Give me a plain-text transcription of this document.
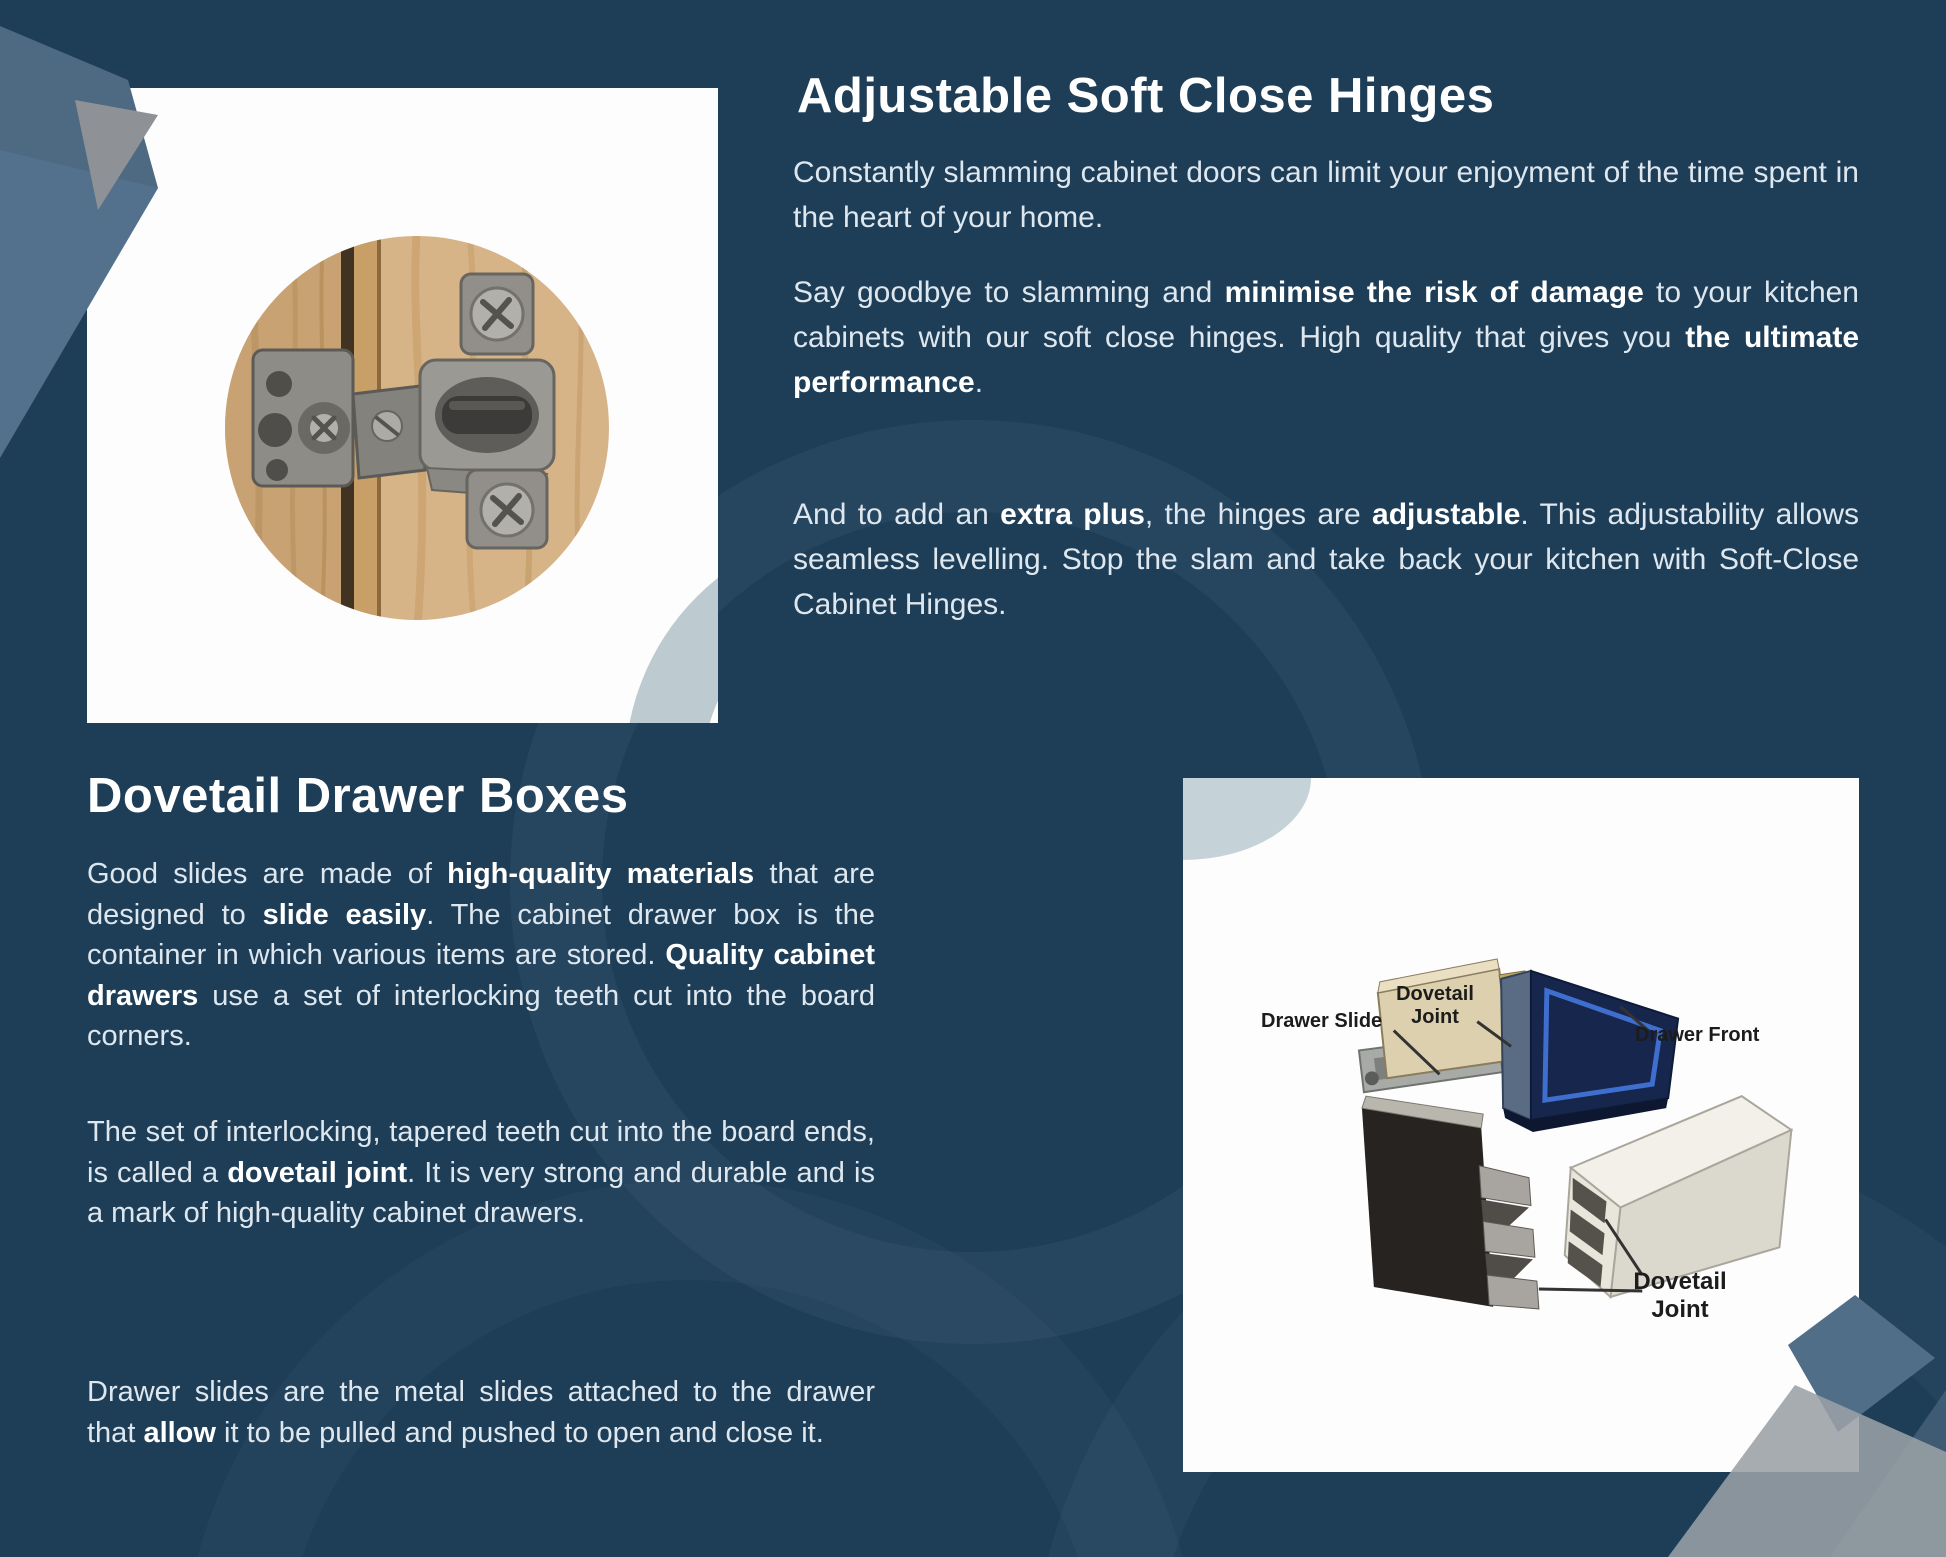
Dovetail Joint
Drawer Slide
Drawer Front
Dovetail Joint
Adjustable Soft Close Hinges
Constantly slamming cabinet doors can limit your enjoyment of the time spent in the heart of your home.
Say goodbye to slamming and minimise the risk of damage to your kitchen cabinets with our soft close hinges. High quality that gives you the ultimate performance.
And to add an extra plus, the hinges are adjustable. This adjustability allows seamless levelling. Stop the slam and take back your kitchen with Soft-Close Cabinet Hinges.
Dovetail Drawer Boxes
Good slides are made of high-quality materials that are designed to slide easily. The cabinet drawer box is the container in which various items are stored. Quality cabinet drawers use a set of interlocking teeth cut into the board corners.
The set of interlocking, tapered teeth cut into the board ends, is called a dovetail joint. It is very strong and durable and is a mark of high-quality cabinet drawers.
Drawer slides are the metal slides attached to the drawer that allow it to be pulled and pushed to open and close it.
